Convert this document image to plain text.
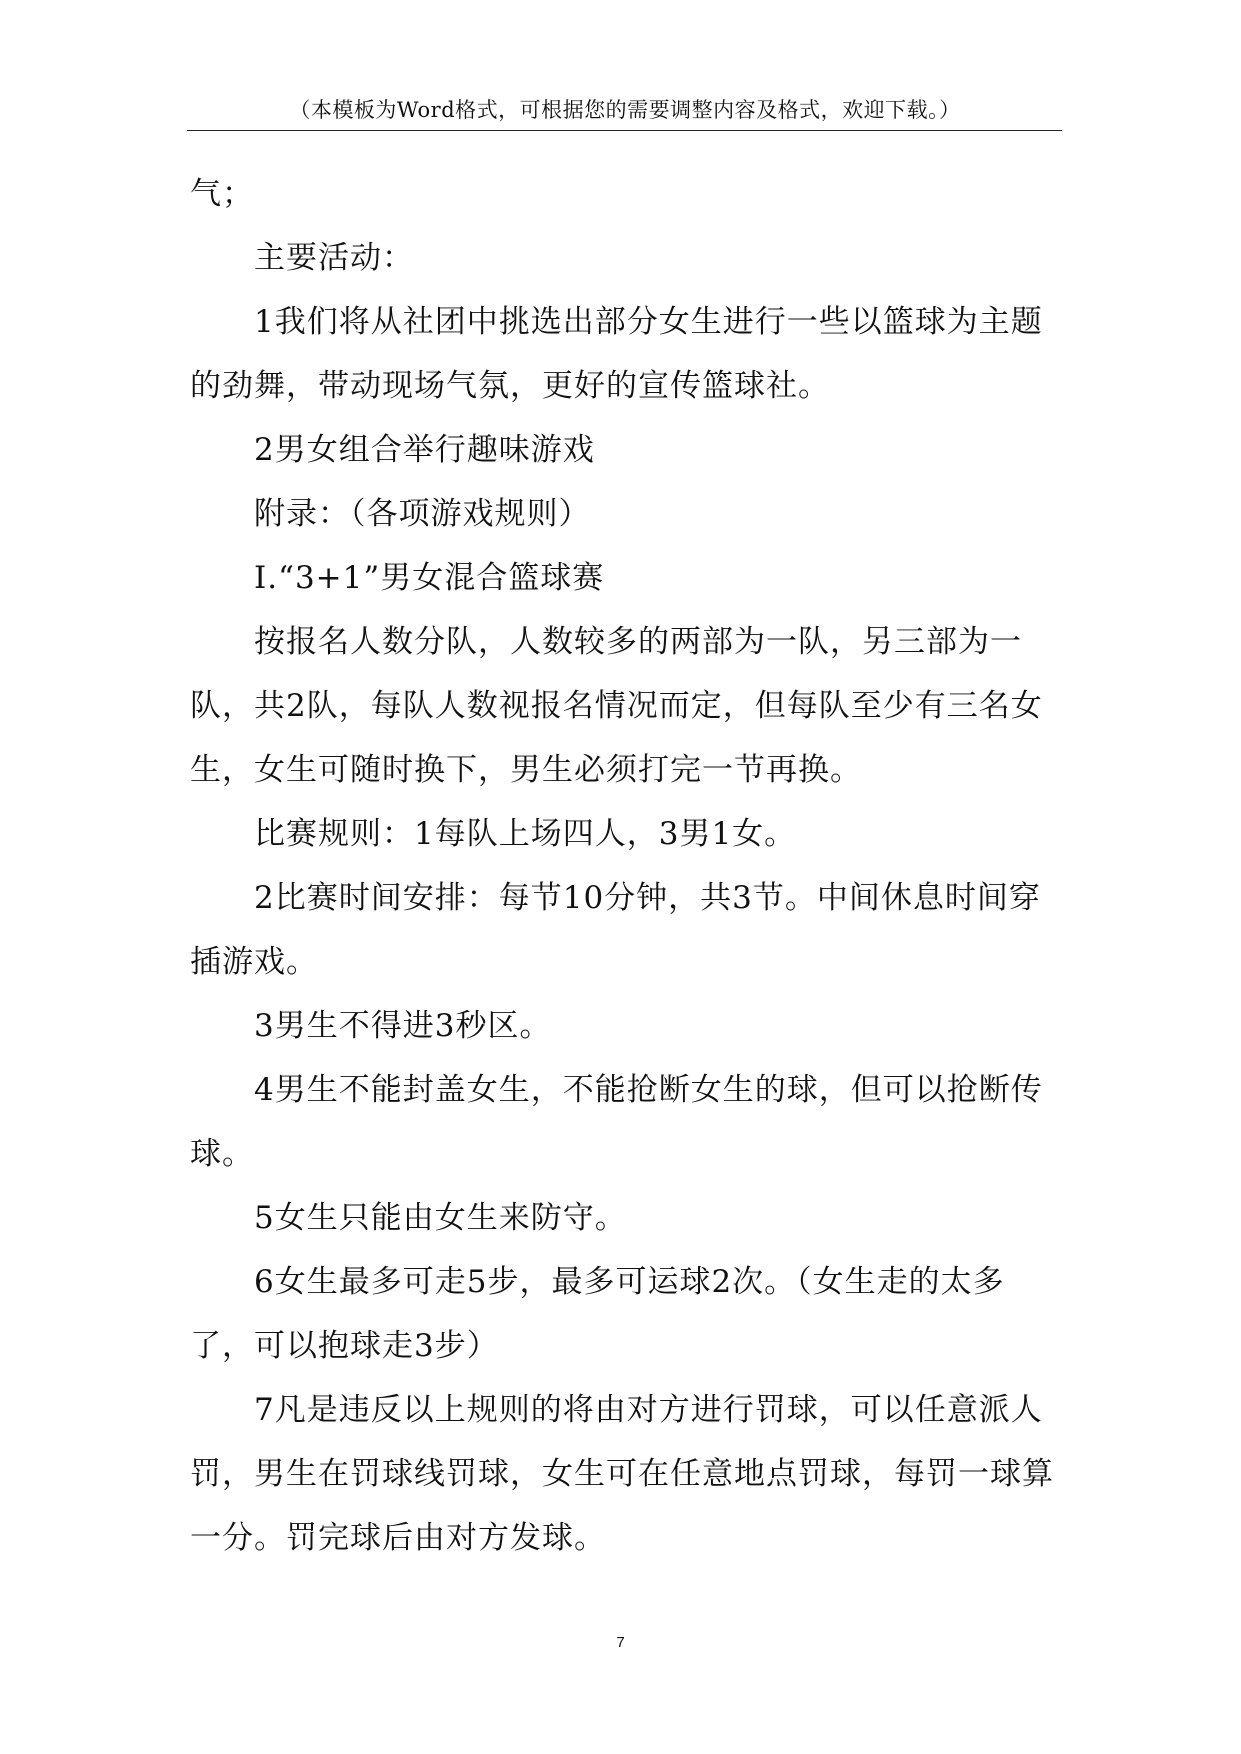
（本模板为Word格式，可根据您的需要调整内容及格式，欢迎下载。）

气；

主要活动：

1我们将从社团中挑选出部分女生进行一些以篮球为主题的劲舞，带动现场气氛，更好的宣传篮球社。

2男女组合举行趣味游戏

附录：（各项游戏规则）

I.“3+1”男女混合篮球赛

按报名人数分队，人数较多的两部为一队，另三部为一队，共2队，每队人数视报名情况而定，但每队至少有三名女生，女生可随时换下，男生必须打完一节再换。

比赛规则：1每队上场四人，3男1女。

2比赛时间安排：每节10分钟，共3节。中间休息时间穿插游戏。

3男生不得进3秒区。

4男生不能封盖女生，不能抢断女生的球，但可以抢断传球。

5女生只能由女生来防守。

6女生最多可走5步，最多可运球2次。（女生走的太多了，可以抱球走3步）

7凡是违反以上规则的将由对方进行罚球，可以任意派人罚，男生在罚球线罚球，女生可在任意地点罚球，每罚一球算一分。罚完球后由对方发球。

7
